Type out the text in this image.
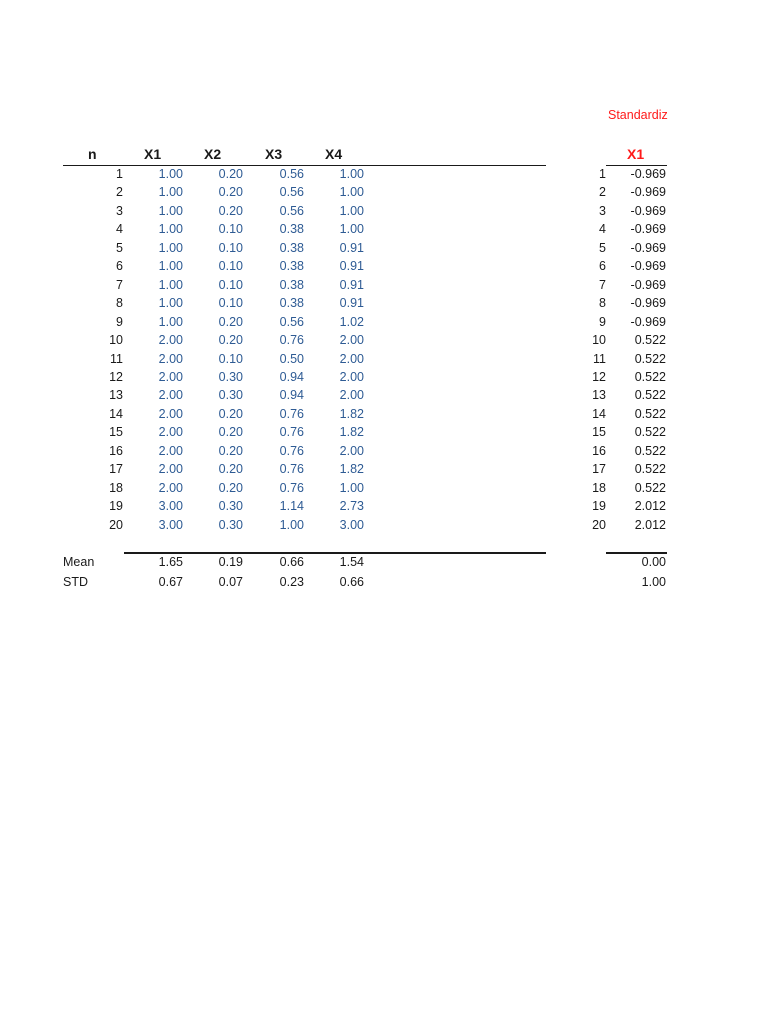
Standardiz
n	X1	X2	X3	X4	X1
1	1.00	0.20	0.56	1.00	1 -0.969
2	1.00	0.20	0.56	1.00	2 -0.969
3	1.00	0.20	0.56	1.00	3 -0.969
4	1.00	0.10	0.38	1.00	4 -0.969
5	1.00	0.10	0.38	0.91	5 -0.969
6	1.00	0.10	0.38	0.91	6 -0.969
7	1.00	0.10	0.38	0.91	7 -0.969
8	1.00	0.10	0.38	0.91	8 -0.969
9	1.00	0.20	0.56	1.02	9 -0.969
10	2.00	0.20	0.76	2.00	10 0.522
11	2.00	0.10	0.50	2.00	11 0.522
12	2.00	0.30	0.94	2.00	12 0.522
13	2.00	0.30	0.94	2.00	13 0.522
14	2.00	0.20	0.76	1.82	14 0.522
15	2.00	0.20	0.76	1.82	15 0.522
16	2.00	0.20	0.76	2.00	16 0.522
17	2.00	0.20	0.76	1.82	17 0.522
18	2.00	0.20	0.76	1.00	18 0.522
19	3.00	0.30	1.14	2.73	19 2.012
20	3.00	0.30	1.00	3.00	20 2.012
Mean	1.65	0.19	0.66	1.54	0.00
STD	0.67	0.07	0.23	0.66	1.00
